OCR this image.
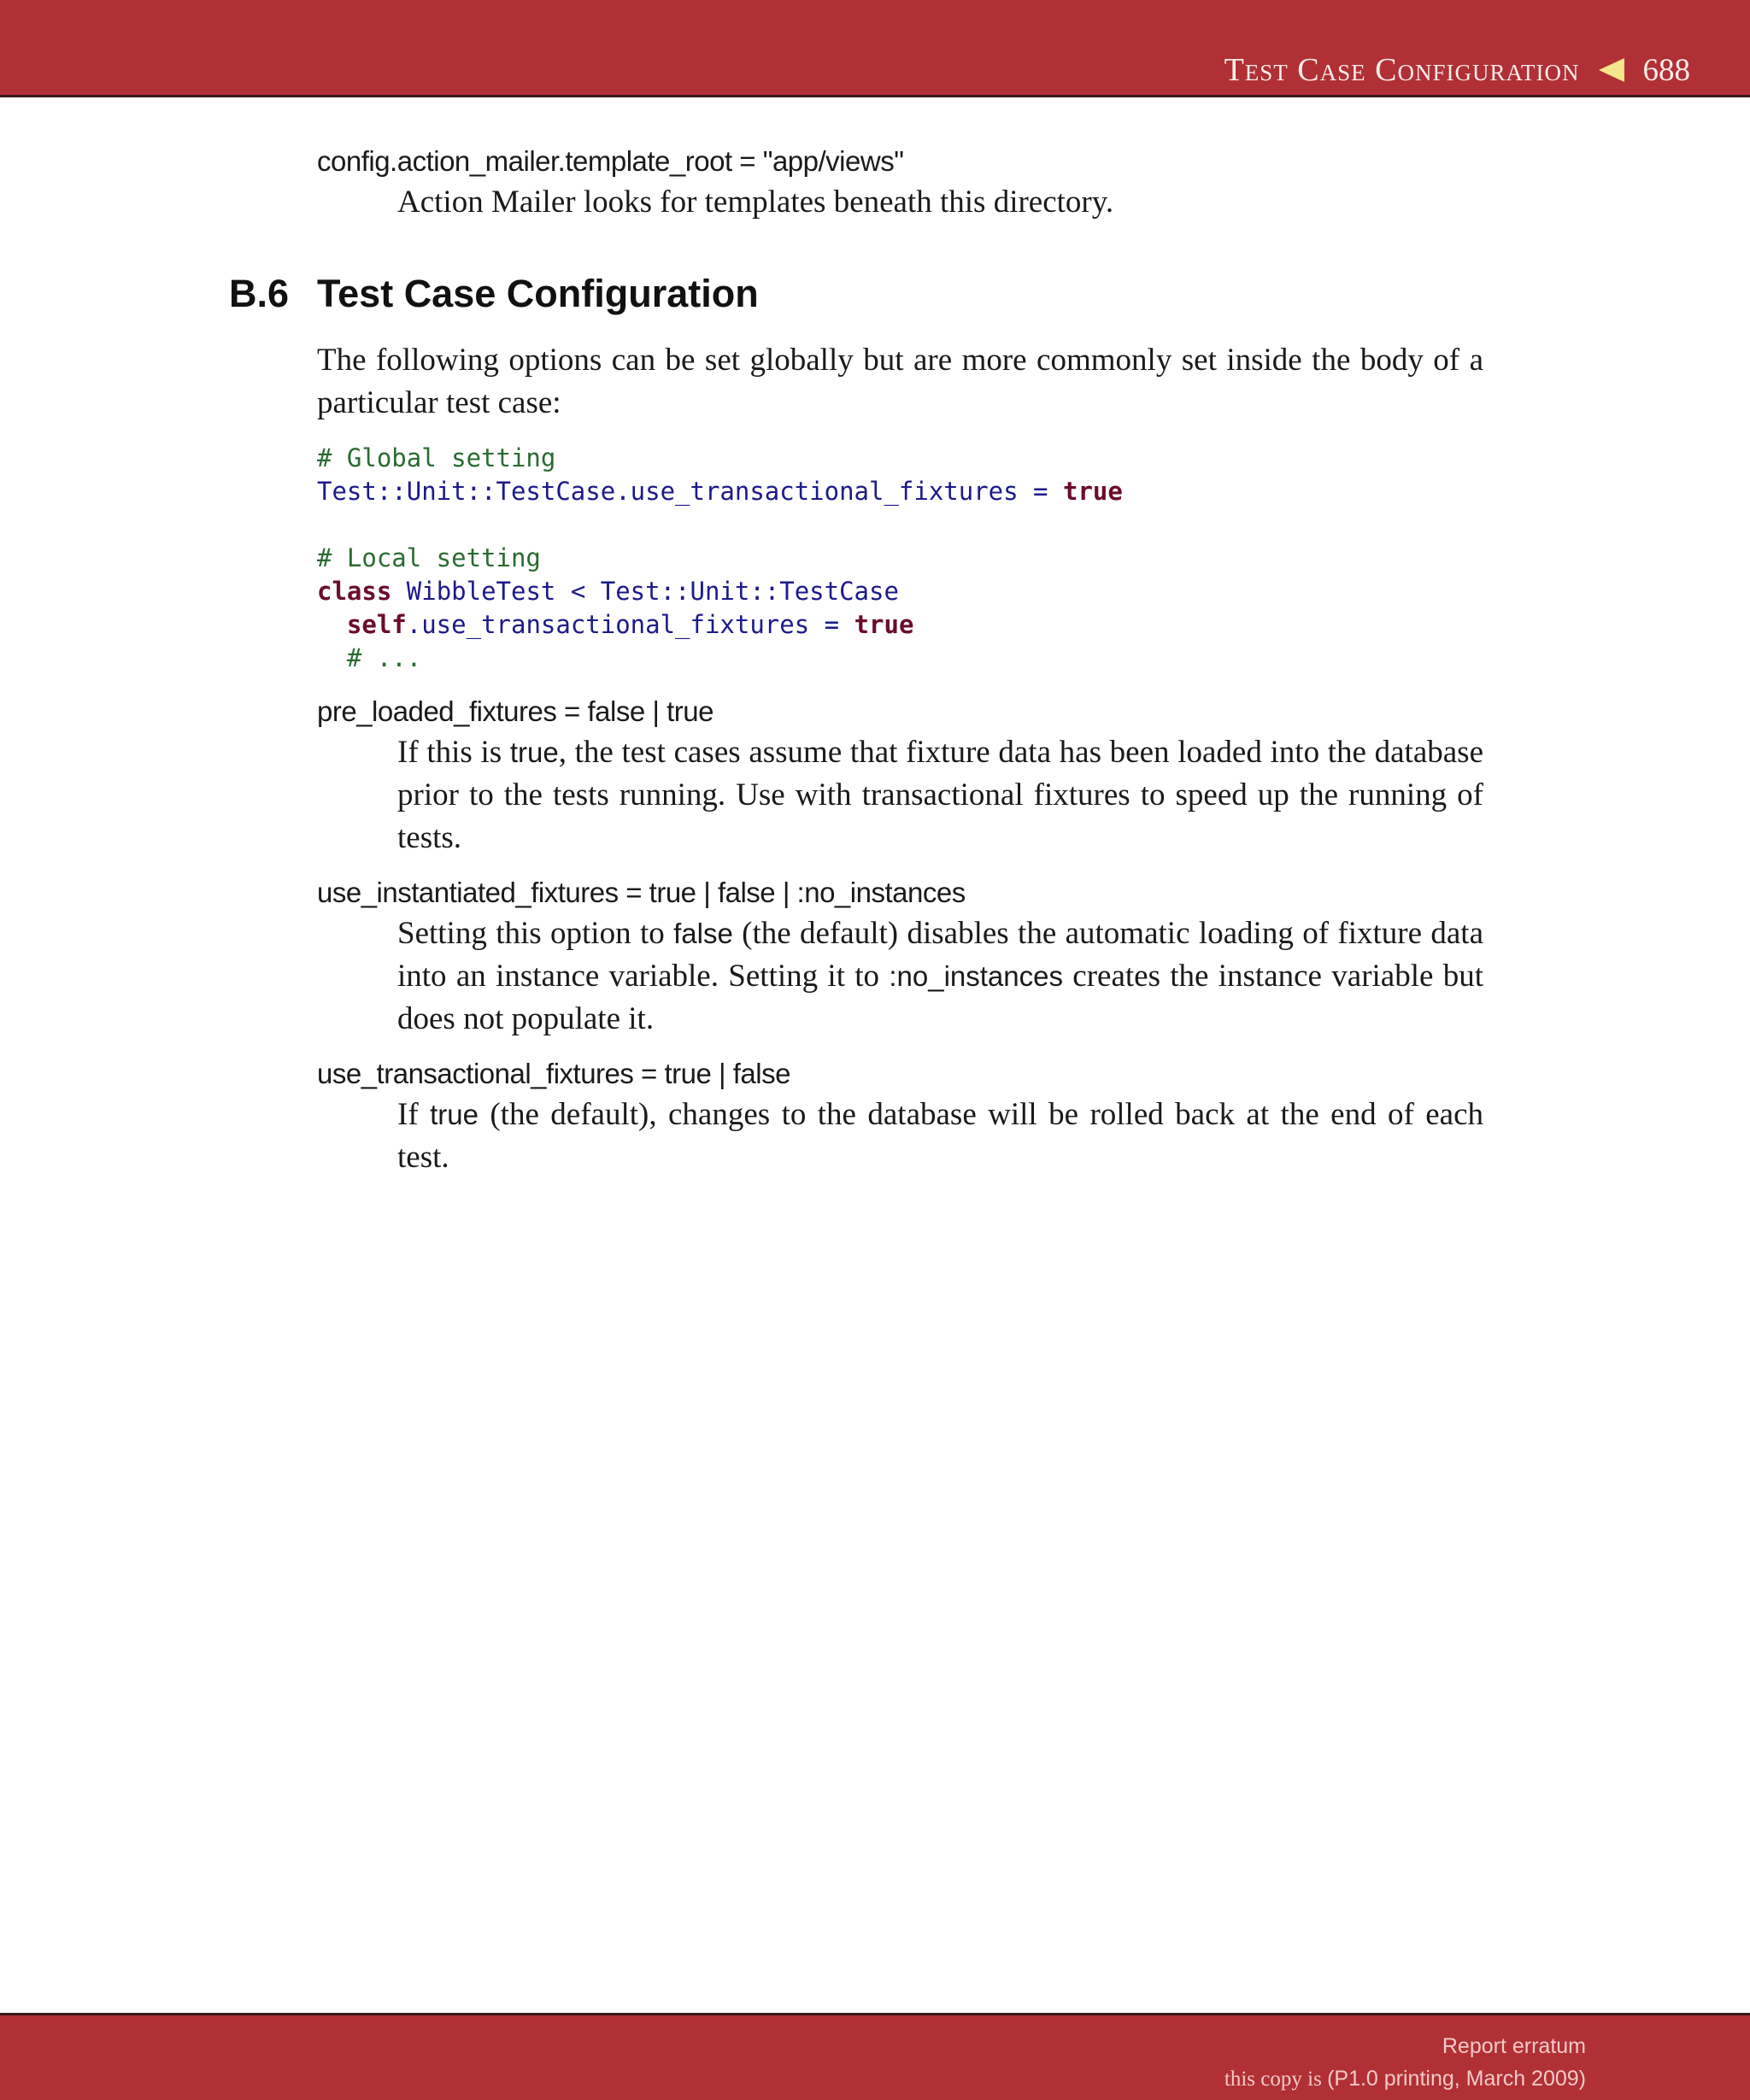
Test Case Configuration 688
config.action_mailer.template_root = "app/views"
Action Mailer looks for templates beneath this directory.
B.6 Test Case Configuration

The following options can be set globally but are more commonly set inside the body of a particular test case:

# Global setting
Test::Unit::TestCase.use_transactional_fixtures = true

# Local setting
class WibbleTest < Test::Unit::TestCase
self.use_transactional_fixtures = true
# ...
pre_loaded_fixtures = false | true
If this is true, the test cases assume that fixture data has been loaded into the database prior to the tests running. Use with transactional fixtures to speed up the running of tests.
use_instantiated_fixtures = true | false | :no_instances
Setting this option to false (the default) disables the automatic loading of fixture data into an instance variable. Setting it to :no_instances creates the instance variable but does not populate it.
use_transactional_fixtures = true | false
If true (the default), changes to the database will be rolled back at the end of each test.
Report erratum
this copy is (P1.0 printing, March 2009)
